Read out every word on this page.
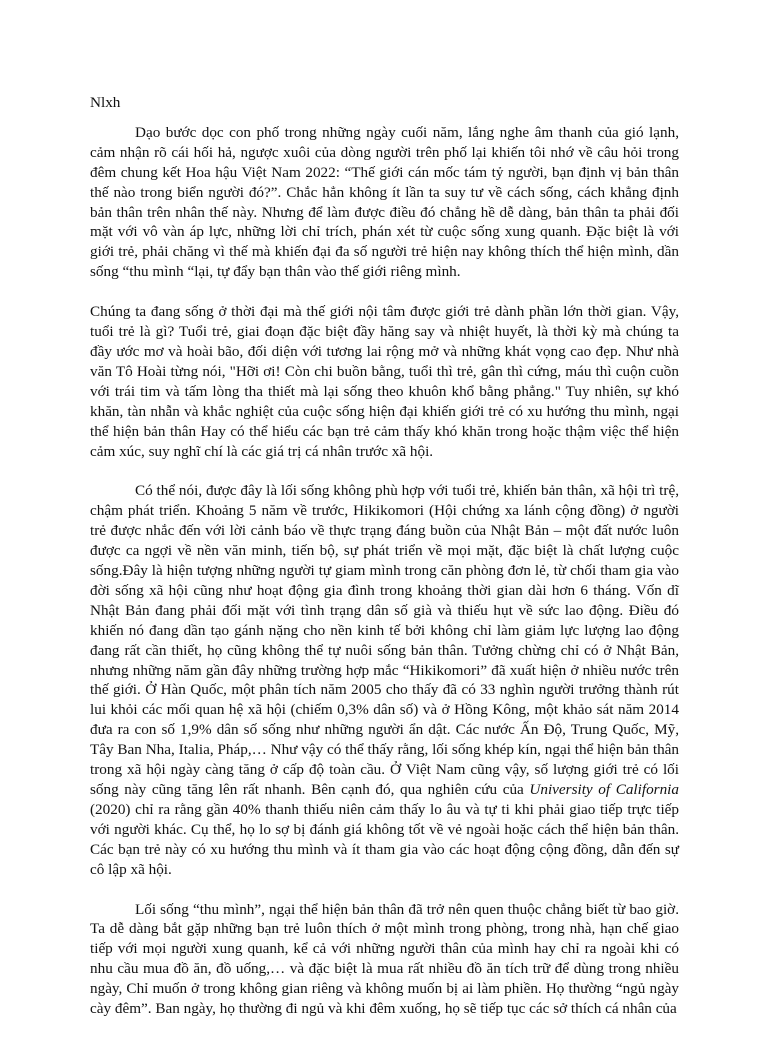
Nlxh

Dạo bước dọc con phố trong những ngày cuối năm, lắng nghe âm thanh của gió lạnh, cảm nhận rõ cái hối hả, ngược xuôi của dòng người trên phố lại khiến tôi nhớ về câu hỏi trong đêm chung kết Hoa hậu Việt Nam 2022: “Thế giới cán mốc tám tỷ người, bạn định vị bản thân thế nào trong biển người đó?”. Chắc hẳn không ít lần ta suy tư về cách sống, cách khẳng định bản thân trên nhân thế này. Nhưng để làm được điều đó chẳng hề dễ dàng, bản thân ta phải đối mặt với vô vàn áp lực, những lời chỉ trích, phán xét từ cuộc sống xung quanh. Đặc biệt là với giới trẻ, phải chăng vì thế mà khiến đại đa số người trẻ hiện nay không thích thể hiện mình, dần sống “thu mình “lại, tự đẩy bạn thân vào thế giới riêng mình.

Chúng ta đang sống ở thời đại mà thế giới nội tâm được giới trẻ dành phần lớn thời gian. Vậy, tuổi trẻ là gì? Tuổi trẻ, giai đoạn đặc biệt đầy hăng say và nhiệt huyết, là thời kỳ mà chúng ta đầy ước mơ và hoài bão, đối diện với tương lai rộng mở và những khát vọng cao đẹp. Như nhà văn Tô Hoài từng nói, "Hỡi ơi! Còn chi buồn bằng, tuổi thì trẻ, gân thì cứng, máu thì cuộn cuồn với trái tim và tấm lòng tha thiết mà lại sống theo khuôn khổ bằng phẳng." Tuy nhiên, sự khó khăn, tàn nhẫn và khắc nghiệt của cuộc sống hiện đại khiến giới trẻ có xu hướng thu mình, ngại thể hiện bản thân Hay có thể hiểu các bạn trẻ cảm thấy khó khăn trong hoặc thậm việc thể hiện cảm xúc, suy nghĩ chí là các giá trị cá nhân trước xã hội.

Có thể nói, được đây là lối sống không phù hợp với tuổi trẻ, khiến bản thân, xã hội trì trệ, chậm phát triển. Khoảng 5 năm về trước, Hikikomori (Hội chứng xa lánh cộng đồng) ở người trẻ được nhắc đến với lời cảnh báo về thực trạng đáng buồn của Nhật Bản – một đất nước luôn được ca ngợi về nền văn minh, tiến bộ, sự phát triển về mọi mặt, đặc biệt là chất lượng cuộc sống.Đây là hiện tượng những người tự giam mình trong căn phòng đơn lẻ, từ chối tham gia vào đời sống xã hội cũng như hoạt động gia đình trong khoảng thời gian dài hơn 6 tháng. Vốn dĩ Nhật Bản đang phải đối mặt với tình trạng dân số già và thiếu hụt về sức lao động. Điều đó khiến nó đang dần tạo gánh nặng cho nền kinh tế bởi không chỉ làm giảm lực lượng lao động đang rất cần thiết, họ cũng không thể tự nuôi sống bản thân. Tưởng chừng chỉ có ở Nhật Bản, nhưng những năm gần đây những trường hợp mắc “Hikikomori” đã xuất hiện ở nhiều nước trên thế giới. Ở Hàn Quốc, một phân tích năm 2005 cho thấy đã có 33 nghìn người trưởng thành rút lui khỏi các mối quan hệ xã hội (chiếm 0,3% dân số) và ở Hồng Kông, một khảo sát năm 2014 đưa ra con số 1,9% dân số sống như những người ẩn dật. Các nước Ấn Độ, Trung Quốc, Mỹ, Tây Ban Nha, Italia, Pháp,… Như vậy có thể thấy rằng, lối sống khép kín, ngại thể hiện bản thân trong xã hội ngày càng tăng ở cấp độ toàn cầu. Ở Việt Nam cũng vậy, số lượng giới trẻ có lối sống này cũng tăng lên rất nhanh. Bên cạnh đó, qua nghiên cứu của University of California (2020) chỉ ra rằng gần 40% thanh thiếu niên cảm thấy lo âu và tự ti khi phải giao tiếp trực tiếp với người khác. Cụ thể, họ lo sợ bị đánh giá không tốt về vẻ ngoài hoặc cách thể hiện bản thân. Các bạn trẻ này có xu hướng thu mình và ít tham gia vào các hoạt động cộng đồng, dẫn đến sự cô lập xã hội.

Lối sống “thu mình”, ngại thể hiện bản thân đã trở nên quen thuộc chẳng biết từ bao giờ. Ta dễ dàng bắt gặp những bạn trẻ luôn thích ở một mình trong phòng, trong nhà, hạn chế giao tiếp với mọi người xung quanh, kể cả với những người thân của mình hay chỉ ra ngoài khi có nhu cầu mua đồ ăn, đồ uống,… và đặc biệt là mua rất nhiều đồ ăn tích trữ để dùng trong nhiều ngày, Chỉ muốn ở trong không gian riêng và không muốn bị ai làm phiền. Họ thường “ngủ ngày cày đêm”. Ban ngày, họ thường đi ngủ và khi đêm xuống, họ sẽ tiếp tục các sở thích cá nhân của
